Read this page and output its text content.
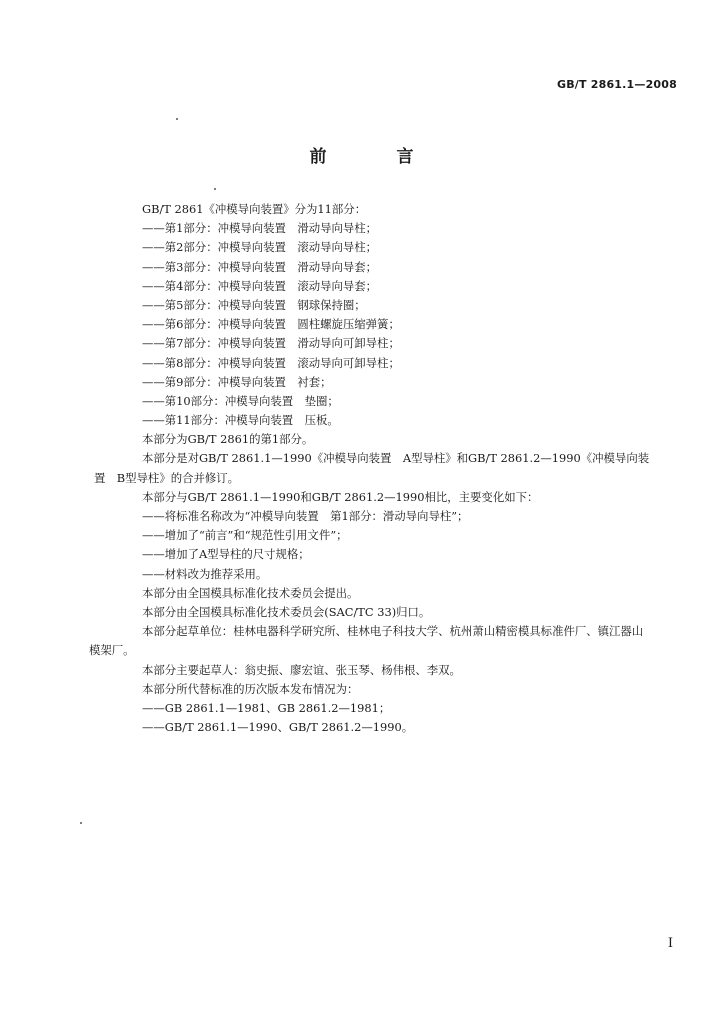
GB/T 2861.1—2008
前 言
GB/T 2861《冲模导向装置》分为11部分：
——第1部分：冲模导向装置　滑动导向导柱；
——第2部分：冲模导向装置　滚动导向导柱；
——第3部分：冲模导向装置　滑动导向导套；
——第4部分：冲模导向装置　滚动导向导套；
——第5部分：冲模导向装置　钢球保持圈；
——第6部分：冲模导向装置　圆柱螺旋压缩弹簧；
——第7部分：冲模导向装置　滑动导向可卸导柱；
——第8部分：冲模导向装置　滚动导向可卸导柱；
——第9部分：冲模导向装置　衬套；
——第10部分：冲模导向装置　垫圈；
——第11部分：冲模导向装置　压板。
本部分为GB/T 2861的第1部分。
本部分是对GB/T 2861.1—1990《冲模导向装置　A型导柱》和GB/T 2861.2—1990《冲模导向装
置　B型导柱》的合并修订。
本部分与GB/T 2861.1—1990和GB/T 2861.2—1990相比，主要变化如下：
——将标准名称改为“冲模导向装置　第1部分：滑动导向导柱”；
——增加了“前言”和“规范性引用文件”；
——增加了A型导柱的尺寸规格；
——材料改为推荐采用。
本部分由全国模具标准化技术委员会提出。
本部分由全国模具标准化技术委员会(SAC/TC 33)归口。
本部分起草单位：桂林电器科学研究所、桂林电子科技大学、杭州萧山精密模具标准件厂、镇江器山
模架厂。
本部分主要起草人：翁史振、廖宏谊、张玉琴、杨伟根、李双。
本部分所代替标准的历次版本发布情况为：
——GB 2861.1—1981、GB 2861.2—1981；
——GB/T 2861.1—1990、GB/T 2861.2—1990。
I
